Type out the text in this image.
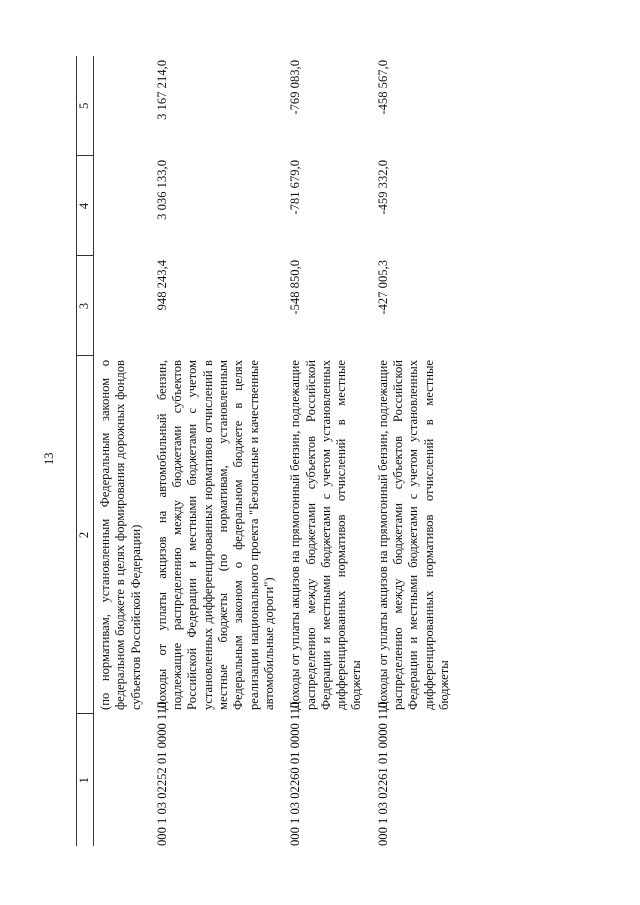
13
1	2	3	4	5
	(по нормативам, установленным Федеральным законом о федеральном бюджете в целях формирования дорожных фондов субъектов Российской Федерации)			
000 1 03 02252 01 0000 110	Доходы от уплаты акцизов на автомобильный бензин, подлежащие распределению между бюджетами субъектов Российской Федерации и местными бюджетами с учетом установленных дифференцированных нормативов отчислений в местные бюджеты (по нормативам, установленным Федеральным законом о федеральном бюджете в целях реализации национального проекта "Безопасные и качественные автомобильные дороги")	948 243,4	3 036 133,0	3 167 214,0
000 1 03 02260 01 0000 110	Доходы от уплаты акцизов на прямогонный бензин, подлежащие распределению между бюджетами субъектов Российской Федерации и местными бюджетами с учетом установленных дифференцированных нормативов отчислений в местные бюджеты	-548 850,0	-781 679,0	-769 083,0
000 1 03 02261 01 0000 110	Доходы от уплаты акцизов на прямогонный бензин, подлежащие распределению между бюджетами субъектов Российской Федерации и местными бюджетами с учетом установленных дифференцированных нормативов отчислений в местные бюджеты	-427 005,3	-459 332,0	-458 567,0
